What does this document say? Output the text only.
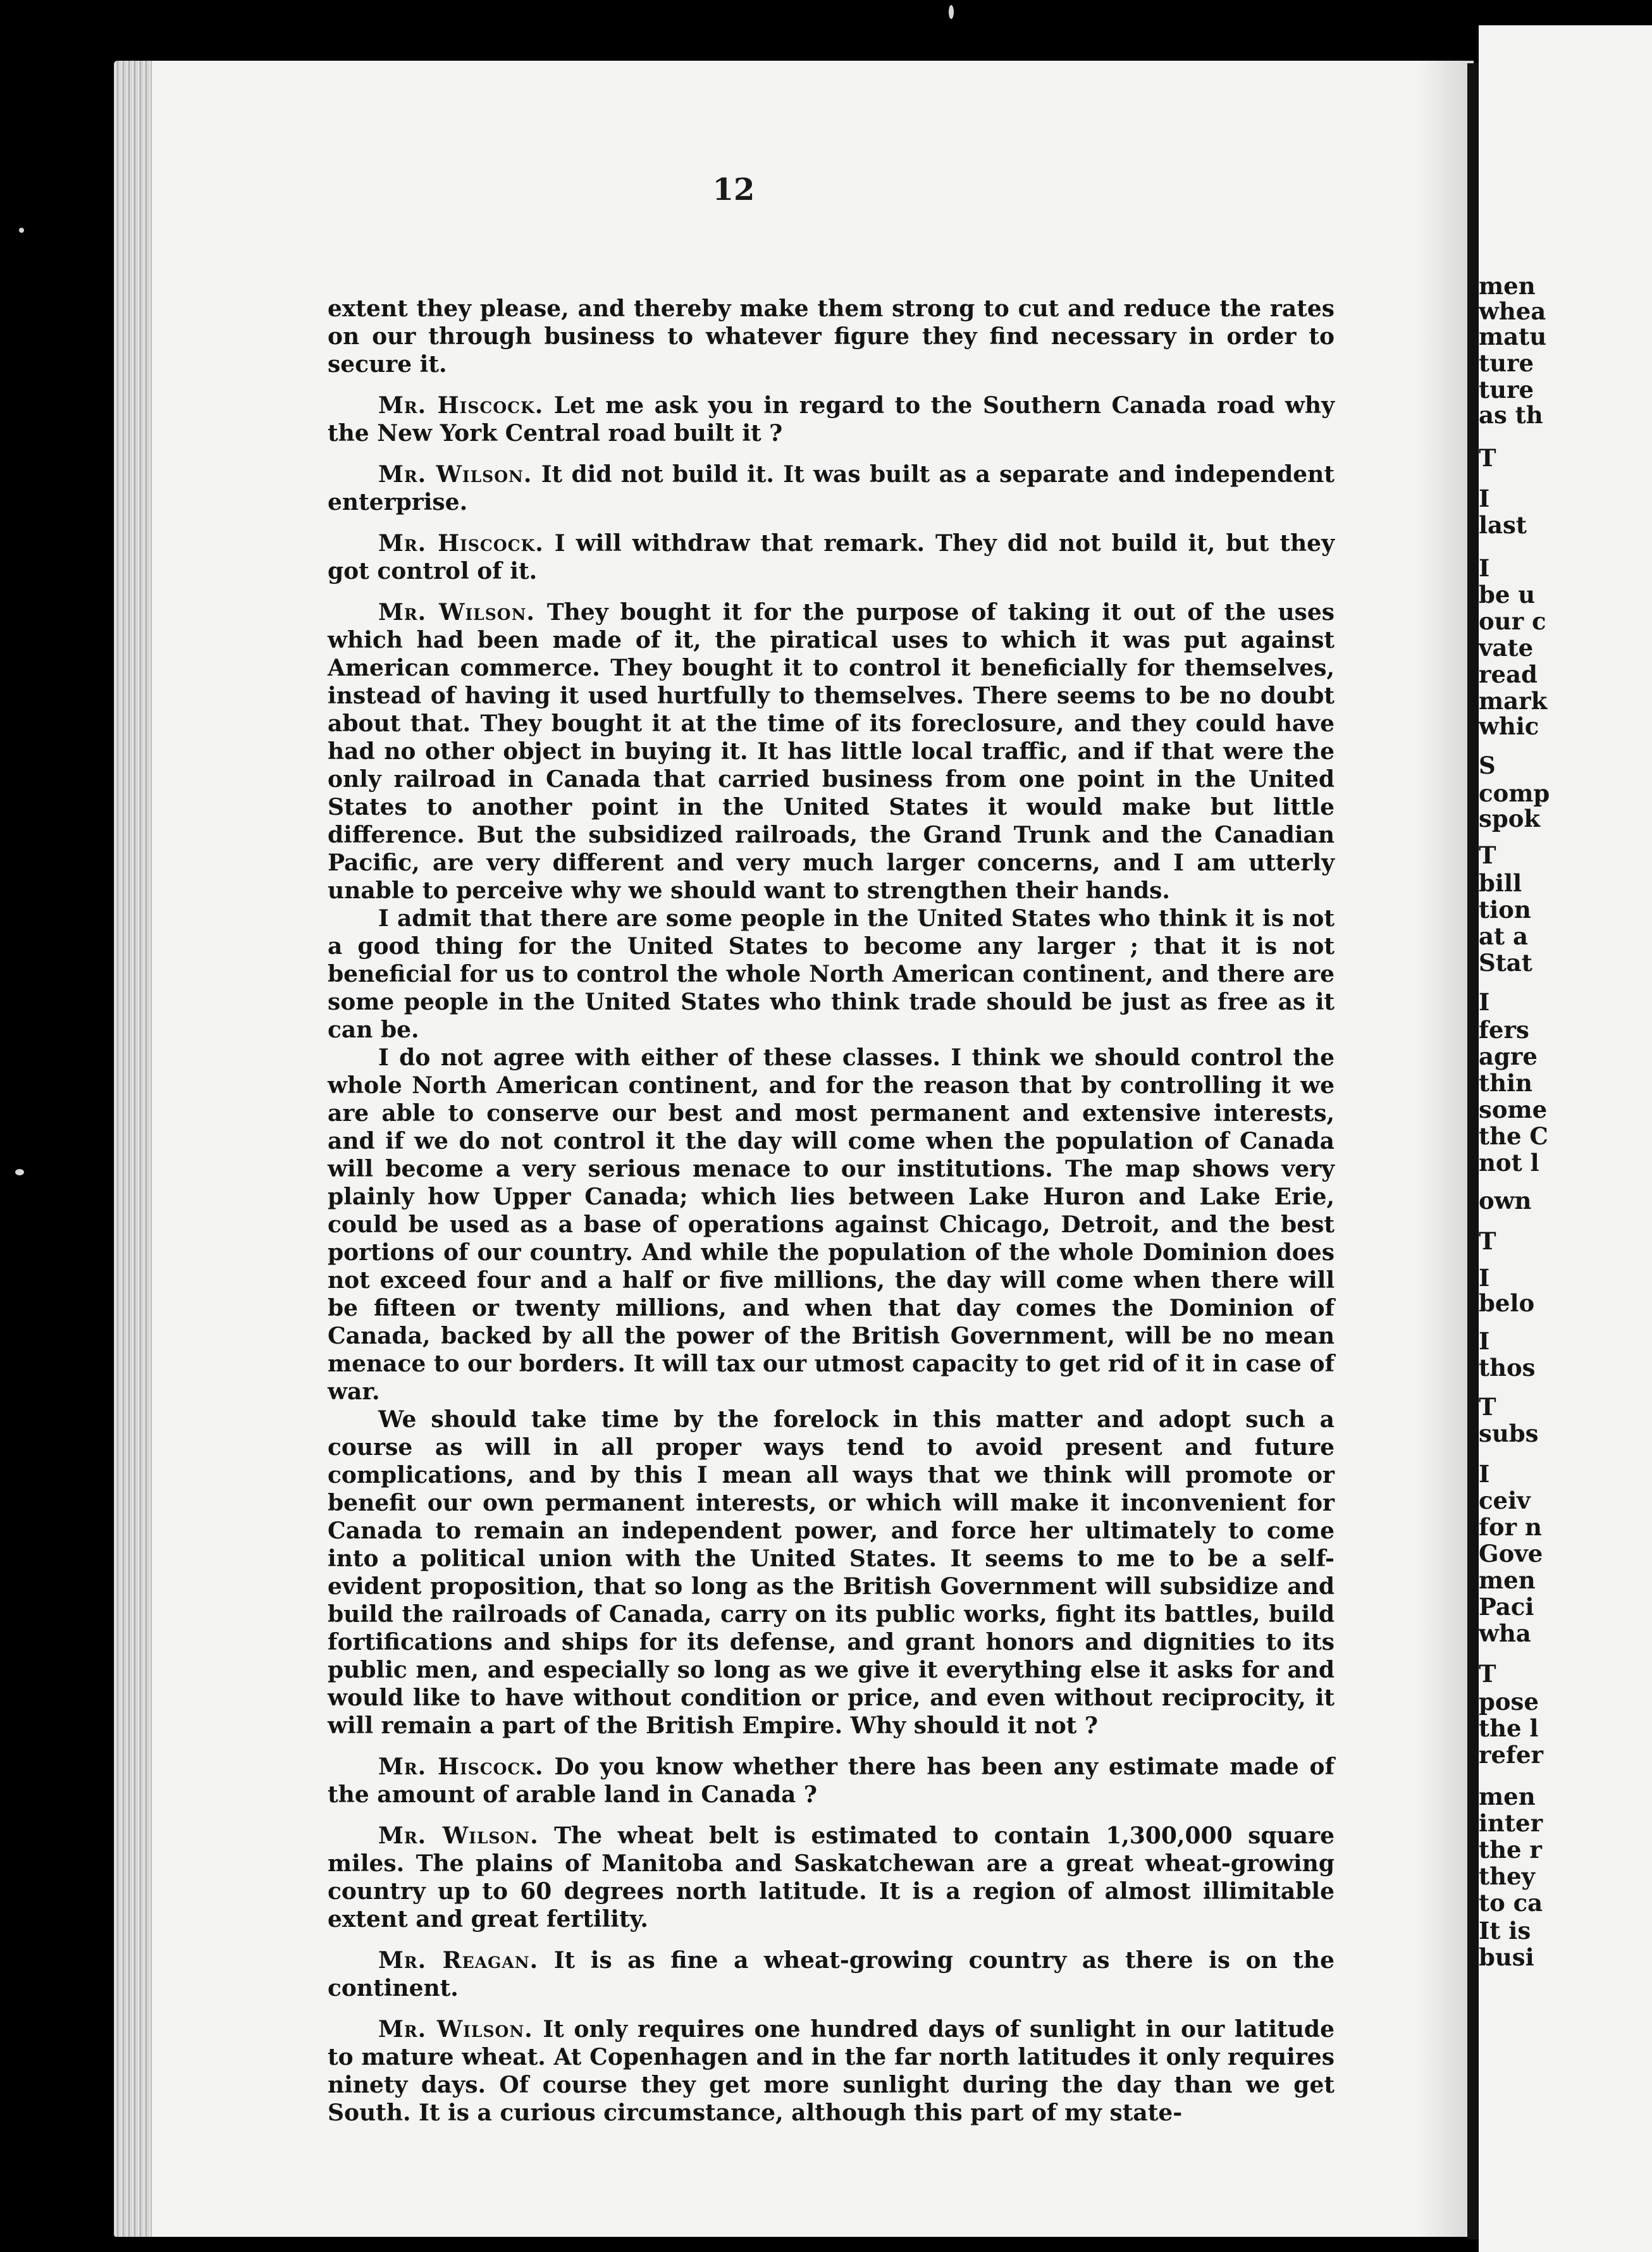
men

whea

matu

ture

ture

as th

T

I

last

I

be u

our c

vate

read

mark

whic

S

comp

spok

T

bill

tion

at a

Stat

I

fers

agre

thin

some

the C

not l

own

T

I

belo

I

thos

T

subs

I

ceiv

for n

Gove

men

Paci

wha

T

pose

the l

refer

men

inter

the r

they

to ca

It is

busi

12

extent they please, and thereby make them strong to cut and reduce the rates on our through business to whatever figure they find necessary in order to secure it.

Mr. Hiscock. Let me ask you in regard to the Southern Canada road why the New York Central road built it ?

Mr. Wilson. It did not build it. It was built as a separate and independent enterprise.

Mr. Hiscock. I will withdraw that remark. They did not build it, but they got control of it.

Mr. Wilson. They bought it for the purpose of taking it out of the uses which had been made of it, the piratical uses to which it was put against American commerce. They bought it to control it beneficially for themselves, instead of having it used hurtfully to themselves. There seems to be no doubt about that. They bought it at the time of its foreclosure, and they could have had no other object in buying it. It has little local traffic, and if that were the only railroad in Canada that carried business from one point in the United States to another point in the United States it would make but little difference. But the subsidized railroads, the Grand Trunk and the Canadian Pacific, are very different and very much larger concerns, and I am utterly unable to perceive why we should want to strengthen their hands.

I admit that there are some people in the United States who think it is not a good thing for the United States to become any larger ; that it is not beneficial for us to control the whole North American continent, and there are some people in the United States who think trade should be just as free as it can be.

I do not agree with either of these classes. I think we should control the whole North American continent, and for the reason that by controlling it we are able to conserve our best and most permanent and extensive interests, and if we do not control it the day will come when the population of Canada will become a very serious menace to our institutions. The map shows very plainly how Upper Canada; which lies between Lake Huron and Lake Erie, could be used as a base of operations against Chicago, Detroit, and the best portions of our country. And while the population of the whole Dominion does not exceed four and a half or five millions, the day will come when there will be fifteen or twenty millions, and when that day comes the Dominion of Canada, backed by all the power of the British Government, will be no mean menace to our borders. It will tax our utmost capacity to get rid of it in case of war.

We should take time by the forelock in this matter and adopt such a course as will in all proper ways tend to avoid present and future complications, and by this I mean all ways that we think will promote or benefit our own permanent interests, or which will make it inconvenient for Canada to remain an independent power, and force her ultimately to come into a political union with the United States. It seems to me to be a self-evident proposition, that so long as the British Government will subsidize and build the railroads of Canada, carry on its public works, fight its battles, build fortifications and ships for its defense, and grant honors and dignities to its public men, and especially so long as we give it everything else it asks for and would like to have without condition or price, and even without reciprocity, it will remain a part of the British Empire. Why should it not ?

Mr. Hiscock. Do you know whether there has been any estimate made of the amount of arable land in Canada ?

Mr. Wilson. The wheat belt is estimated to contain 1,300,000 square miles. The plains of Manitoba and Saskatchewan are a great wheat-growing country up to 60 degrees north latitude. It is a region of almost illimitable extent and great fertility.

Mr. Reagan. It is as fine a wheat-growing country as there is on the continent.

Mr. Wilson. It only requires one hundred days of sunlight in our latitude to mature wheat. At Copenhagen and in the far north latitudes it only requires ninety days. Of course they get more sunlight during the day than we get South. It is a curious circumstance, although this part of my state-
